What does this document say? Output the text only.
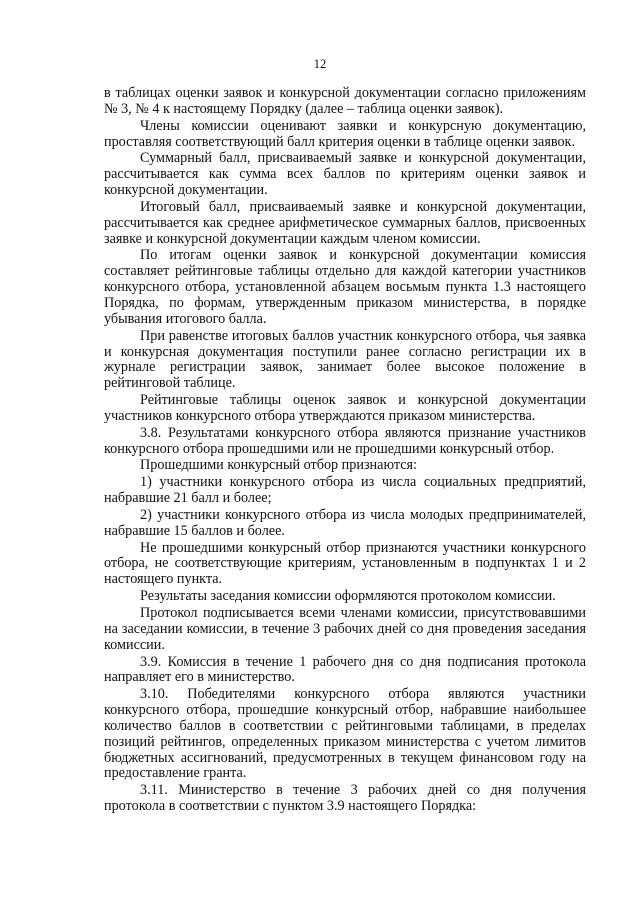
12

в таблицах оценки заявок и конкурсной документации согласно приложениям № 3, № 4 к настоящему Порядку (далее – таблица оценки заявок).

Члены комиссии оценивают заявки и конкурсную документацию, проставляя соответствующий балл критерия оценки в таблице оценки заявок.

Суммарный балл, присваиваемый заявке и конкурсной документации, рассчитывается как сумма всех баллов по критериям оценки заявок и конкурсной документации.

Итоговый балл, присваиваемый заявке и конкурсной документации, рассчитывается как среднее арифметическое суммарных баллов, присвоенных заявке и конкурсной документации каждым членом комиссии.

По итогам оценки заявок и конкурсной документации комиссия составляет рейтинговые таблицы отдельно для каждой категории участников конкурсного отбора, установленной абзацем восьмым пункта 1.3 настоящего Порядка, по формам, утвержденным приказом министерства, в порядке убывания итогового балла.

При равенстве итоговых баллов участник конкурсного отбора, чья заявка и конкурсная документация поступили ранее согласно регистрации их в журнале регистрации заявок, занимает более высокое положение в рейтинговой таблице.

Рейтинговые таблицы оценок заявок и конкурсной документации участников конкурсного отбора утверждаются приказом министерства.

3.8. Результатами конкурсного отбора являются признание участников конкурсного отбора прошедшими или не прошедшими конкурсный отбор.

Прошедшими конкурсный отбор признаются:

1) участники конкурсного отбора из числа социальных предприятий, набравшие 21 балл и более;

2) участники конкурсного отбора из числа молодых предпринимателей, набравшие 15 баллов и более.

Не прошедшими конкурсный отбор признаются участники конкурсного отбора, не соответствующие критериям, установленным в подпунктах 1 и 2 настоящего пункта.

Результаты заседания комиссии оформляются протоколом комиссии.

Протокол подписывается всеми членами комиссии, присутствовавшими на заседании комиссии, в течение 3 рабочих дней со дня проведения заседания комиссии.

3.9. Комиссия в течение 1 рабочего дня со дня подписания протокола направляет его в министерство.

3.10. Победителями конкурсного отбора являются участники конкурсного отбора, прошедшие конкурсный отбор, набравшие наибольшее количество баллов в соответствии с рейтинговыми таблицами, в пределах позиций рейтингов, определенных приказом министерства с учетом лимитов бюджетных ассигнований, предусмотренных в текущем финансовом году на предоставление гранта.

3.11. Министерство в течение 3 рабочих дней со дня получения протокола в соответствии с пунктом 3.9 настоящего Порядка:
